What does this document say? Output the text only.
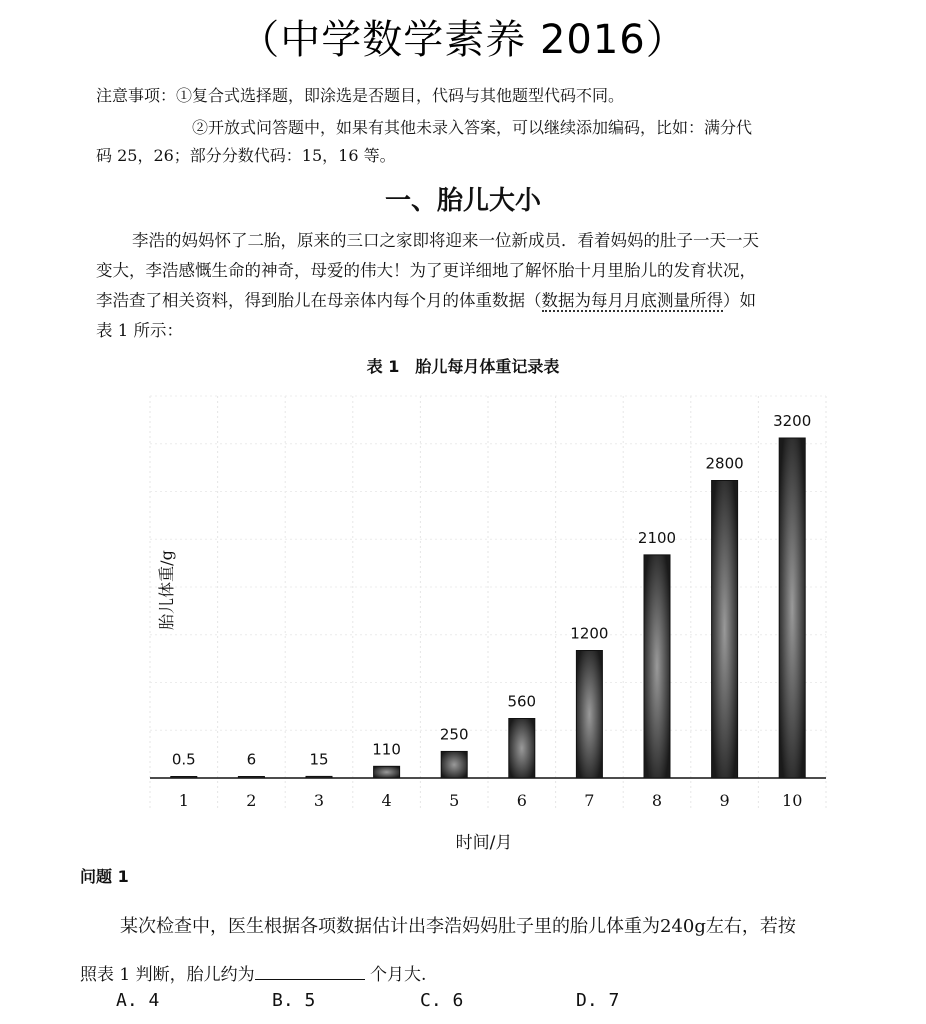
（中学数学素养 2016）
注意事项：①复合式选择题，即涂选是否题目，代码与其他题型代码不同。
②开放式问答题中，如果有其他未录入答案，可以继续添加编码，比如：满分代
码 25，26；部分分数代码：15，16 等。
一、胎儿大小
李浩的妈妈怀了二胎，原来的三口之家即将迎来一位新成员．看着妈妈的肚子一天一天
变大，李浩感慨生命的神奇，母爱的伟大！为了更详细地了解怀胎十月里胎儿的发育状况，
李浩查了相关资料，得到胎儿在母亲体内每个月的体重数据（数据为每月月底测量所得）如
表 1 所示：
表 1　胎儿每月体重记录表
0.5	6	15
110
250
560
1200
2100
2800
3200
1	2	3	4	5	6	7	8	9	10
胎儿体重/g
时间/月
问题 1
某次检查中，医生根据各项数据估计出李浩妈妈肚子里的胎儿体重为240g左右，若按
照表 1 判断，胎儿约为	个月大.
A. 4	B. 5	C. 6	D. 7
